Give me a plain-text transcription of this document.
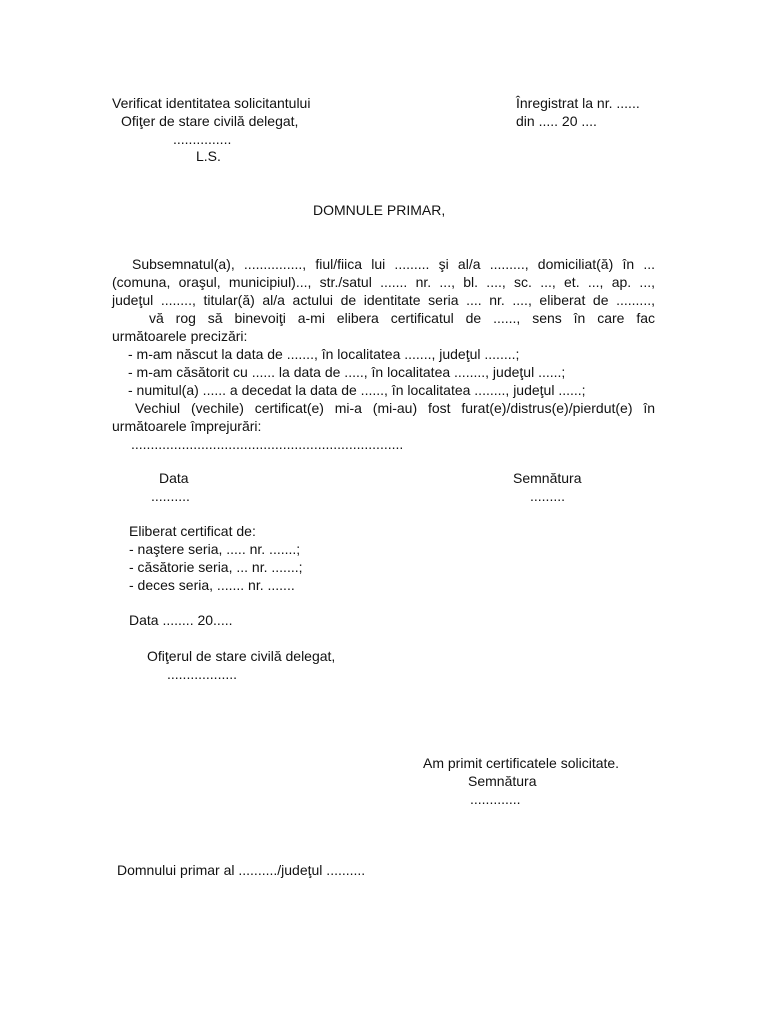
Verificat identitatea solicitantului
Ofiţer de stare civilă delegat,
...............
L.S.
Înregistrat la nr. ......
din ..... 20 ....
DOMNULE PRIMAR,
Subsemnatul(a), ..............., fiul/fiica lui ......... şi al/a ........., domiciliat(ă) în ...
(comuna, oraşul, municipiul)..., str./satul ....... nr. ..., bl. ...., sc. ..., et. ..., ap. ...,
judeţul ........, titular(ă) al/a actului de identitate seria .... nr. ...., eliberat de .........,
vă rog să binevoiţi a-mi elibera certificatul de ......, sens în care fac
următoarele precizări:
- m-am născut la data de ......., în localitatea ......., judeţul ........;
- m-am căsătorit cu ...... la data de ....., în localitatea ........, judeţul ......;
- numitul(a) ...... a decedat la data de ......, în localitatea ........, judeţul ......;
Vechiul (vechile) certificat(e) mi-a (mi-au) fost furat(e)/distrus(e)/pierdut(e) în
următoarele împrejurări:
......................................................................
Data
..........
Semnătura
.........
Eliberat certificat de:
- naştere seria, ..... nr. .......;
- căsătorie seria, ... nr. .......;
- deces seria, ....... nr. .......
Data ........ 20.....
Ofiţerul de stare civilă delegat,
..................
Am primit certificatele solicitate.
Semnătura
.............
Domnului primar al ........../judeţul ..........
